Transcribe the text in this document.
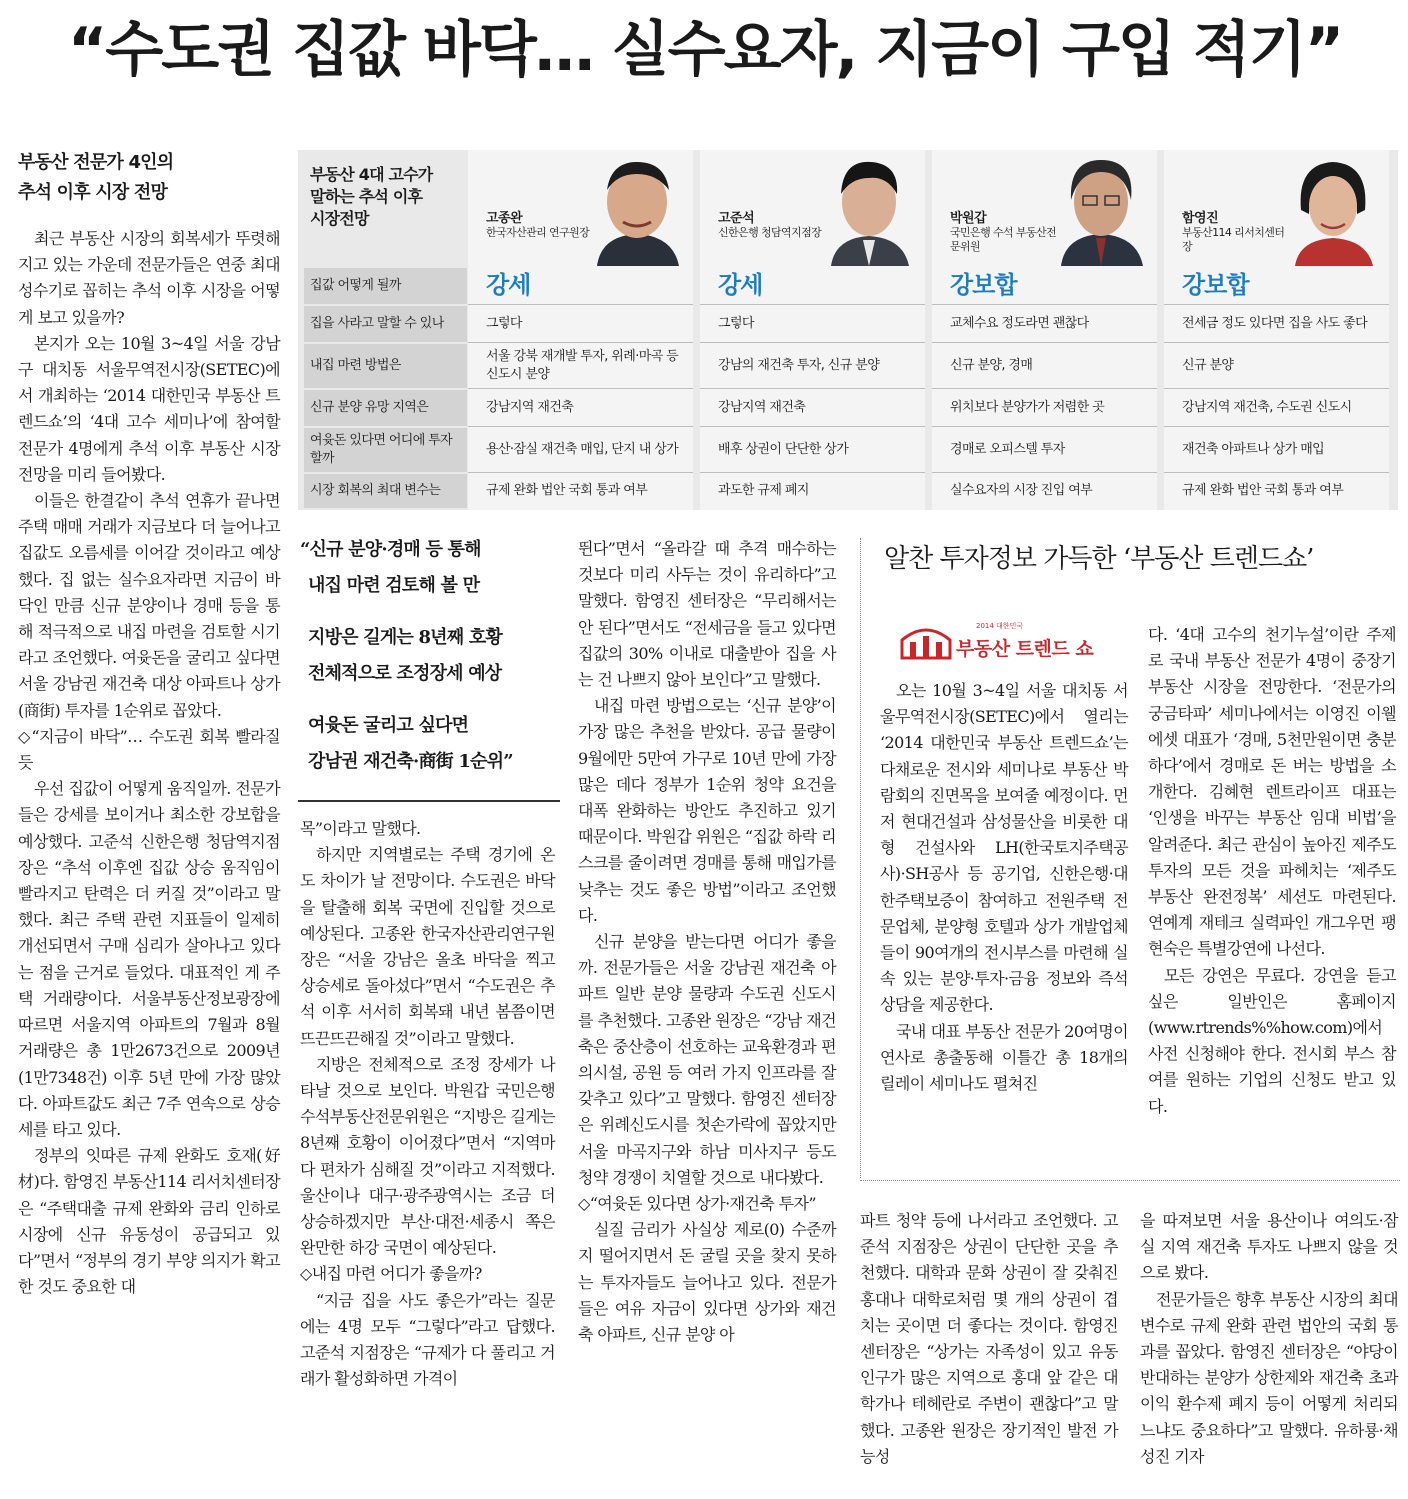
“수도권 집값 바닥… 실수요자, 지금이 구입 적기”
부동산 전문가 4인의
추석 이후 시장 전망

최근 부동산 시장의 회복세가 뚜렷해지고 있는 가운데 전문가들은 연중 최대 성수기로 꼽히는 추석 이후 시장을 어떻게 보고 있을까?

본지가 오는 10월 3~4일 서울 강남구 대치동 서울무역전시장(SETEC)에서 개최하는 ‘2014 대한민국 부동산 트렌드쇼’의 ‘4대 고수 세미나’에 참여할 전문가 4명에게 추석 이후 부동산 시장 전망을 미리 들어봤다.

이들은 한결같이 추석 연휴가 끝나면 주택 매매 거래가 지금보다 더 늘어나고 집값도 오름세를 이어갈 것이라고 예상했다. 집 없는 실수요자라면 지금이 바닥인 만큼 신규 분양이나 경매 등을 통해 적극적으로 내집 마련을 검토할 시기라고 조언했다. 여윳돈을 굴리고 싶다면 서울 강남권 재건축 대상 아파트나 상가(商街) 투자를 1순위로 꼽았다.

◇“지금이 바닥”… 수도권 회복 빨라질 듯

우선 집값이 어떻게 움직일까. 전문가들은 강세를 보이거나 최소한 강보합을 예상했다. 고준석 신한은행 청담역지점장은 “추석 이후엔 집값 상승 움직임이 빨라지고 탄력은 더 커질 것”이라고 말했다. 최근 주택 관련 지표들이 일제히 개선되면서 구매 심리가 살아나고 있다는 점을 근거로 들었다. 대표적인 게 주택 거래량이다. 서울부동산정보광장에 따르면 서울지역 아파트의 7월과 8월 거래량은 총 1만2673건으로 2009년(1만7348건) 이후 5년 만에 가장 많았다. 아파트값도 최근 7주 연속으로 상승세를 타고 있다.

정부의 잇따른 규제 완화도 호재(好材)다. 함영진 부동산114 리서치센터장은 “주택대출 규제 완화와 금리 인하로 시장에 신규 유동성이 공급되고 있다”면서 “정부의 경기 부양 의지가 확고한 것도 중요한 대

부동산 4대 고수가
말하는 추석 이후
시장전망
집값 어떻게 될까
집을 사라고 말할 수 있나
내집 마련 방법은
신규 분양 유망 지역은
여윳돈 있다면 어디에 투자할까
시장 회복의 최대 변수는
고종완
한국자산관리 연구원장
강세
그렇다
서울 강북 재개발 투자, 위례·마곡 등 신도시 분양
강남지역 재건축
용산·잠실 재건축 매입, 단지 내 상가
규제 완화 법안 국회 통과 여부
고준석
신한은행 청담역지점장
강세
그렇다
강남의 재건축 투자, 신규 분양
강남지역 재건축
배후 상권이 단단한 상가
과도한 규제 폐지
박원갑
국민은행 수석 부동산전문위원
강보합
교체수요 정도라면 괜찮다
신규 분양, 경매
위치보다 분양가가 저렴한 곳
경매로 오피스텔 투자
실수요자의 시장 진입 여부
함영진
부동산114 리서치센터장
강보합
전세금 정도 있다면 집을 사도 좋다
신규 분양
강남지역 재건축, 수도권 신도시
재건축 아파트나 상가 매입
규제 완화 법안 국회 통과 여부
“신규 분양·경매 등 통해
내집 마련 검토해 볼 만
지방은 길게는 8년째 호황
전체적으로 조정장세 예상
여윳돈 굴리고 싶다면
강남권 재건축·商街 1순위”

목”이라고 말했다.

하지만 지역별로는 주택 경기에 온도 차이가 날 전망이다. 수도권은 바닥을 탈출해 회복 국면에 진입할 것으로 예상된다. 고종완 한국자산관리연구원장은 “서울 강남은 올초 바닥을 찍고 상승세로 돌아섰다”면서 “수도권은 추석 이후 서서히 회복돼 내년 봄쯤이면 뜨끈뜨끈해질 것”이라고 말했다.

지방은 전체적으로 조정 장세가 나타날 것으로 보인다. 박원갑 국민은행 수석부동산전문위원은 “지방은 길게는 8년째 호황이 이어졌다”면서 “지역마다 편차가 심해질 것”이라고 지적했다. 울산이나 대구·광주광역시는 조금 더 상승하겠지만 부산·대전·세종시 쪽은 완만한 하강 국면이 예상된다.

◇내집 마련 어디가 좋을까?

“지금 집을 사도 좋은가”라는 질문에는 4명 모두 “그렇다”라고 답했다. 고준석 지점장은 “규제가 다 풀리고 거래가 활성화하면 가격이

뛴다”면서 “올라갈 때 추격 매수하는 것보다 미리 사두는 것이 유리하다”고 말했다. 함영진 센터장은 “무리해서는 안 된다”면서도 “전세금을 들고 있다면 집값의 30% 이내로 대출받아 집을 사는 건 나쁘지 않아 보인다”고 말했다.

내집 마련 방법으로는 ‘신규 분양’이 가장 많은 추천을 받았다. 공급 물량이 9월에만 5만여 가구로 10년 만에 가장 많은 데다 정부가 1순위 청약 요건을 대폭 완화하는 방안도 추진하고 있기 때문이다. 박원갑 위원은 “집값 하락 리스크를 줄이려면 경매를 통해 매입가를 낮추는 것도 좋은 방법”이라고 조언했다.

신규 분양을 받는다면 어디가 좋을까. 전문가들은 서울 강남권 재건축 아파트 일반 분양 물량과 수도권 신도시를 추천했다. 고종완 원장은 “강남 재건축은 중산층이 선호하는 교육환경과 편의시설, 공원 등 여러 가지 인프라를 잘 갖추고 있다”고 말했다. 함영진 센터장은 위례신도시를 첫손가락에 꼽았지만 서울 마곡지구와 하남 미사지구 등도 청약 경쟁이 치열할 것으로 내다봤다.

◇“여윳돈 있다면 상가·재건축 투자”

실질 금리가 사실상 제로(0) 수준까지 떨어지면서 돈 굴릴 곳을 찾지 못하는 투자자들도 늘어나고 있다. 전문가들은 여유 자금이 있다면 상가와 재건축 아파트, 신규 분양 아

알찬 투자정보 가득한 ‘부동산 트렌드쇼’
2014 대한민국
부동산 트렌드 쇼

오는 10월 3~4일 서울 대치동 서울무역전시장(SETEC)에서 열리는 ‘2014 대한민국 부동산 트렌드쇼’는 다채로운 전시와 세미나로 부동산 박람회의 진면목을 보여줄 예정이다. 먼저 현대건설과 삼성물산을 비롯한 대형 건설사와 LH(한국토지주택공사)·SH공사 등 공기업, 신한은행·대한주택보증이 참여하고 전원주택 전문업체, 분양형 호텔과 상가 개발업체들이 90여개의 전시부스를 마련해 실속 있는 분양·투자·금융 정보와 즉석 상담을 제공한다.

국내 대표 부동산 전문가 20여명이 연사로 총출동해 이틀간 총 18개의 릴레이 세미나도 펼쳐진

다. ‘4대 고수의 천기누설’이란 주제로 국내 부동산 전문가 4명이 중장기 부동산 시장을 전망한다. ‘전문가의 궁금타파’ 세미나에서는 이영진 이웰에셋 대표가 ‘경매, 5천만원이면 충분하다’에서 경매로 돈 버는 방법을 소개한다. 김혜현 렌트라이프 대표는 ‘인생을 바꾸는 부동산 임대 비법’을 알려준다. 최근 관심이 높아진 제주도 투자의 모든 것을 파헤치는 ‘제주도 부동산 완전정복’ 세션도 마련된다. 연예계 재테크 실력파인 개그우먼 팽현숙은 특별강연에 나선다.

모든 강연은 무료다. 강연을 듣고 싶은 일반인은 홈페이지(www.rtrends%%how.com)에서 사전 신청해야 한다. 전시회 부스 참여를 원하는 기업의 신청도 받고 있다.

파트 청약 등에 나서라고 조언했다. 고준석 지점장은 상권이 단단한 곳을 추천했다. 대학과 문화 상권이 잘 갖춰진 홍대나 대학로처럼 몇 개의 상권이 겹치는 곳이면 더 좋다는 것이다. 함영진 센터장은 “상가는 자족성이 있고 유동 인구가 많은 지역으로 홍대 앞 같은 대학가나 테헤란로 주변이 괜찮다”고 말했다. 고종완 원장은 장기적인 발전 가능성

을 따져보면 서울 용산이나 여의도·잠실 지역 재건축 투자도 나쁘지 않을 것으로 봤다.

전문가들은 향후 부동산 시장의 최대 변수로 규제 완화 관련 법안의 국회 통과를 꼽았다. 함영진 센터장은 “야당이 반대하는 분양가 상한제와 재건축 초과이익 환수제 폐지 등이 어떻게 처리되느냐도 중요하다”고 말했다. 유하룡·채성진 기자
